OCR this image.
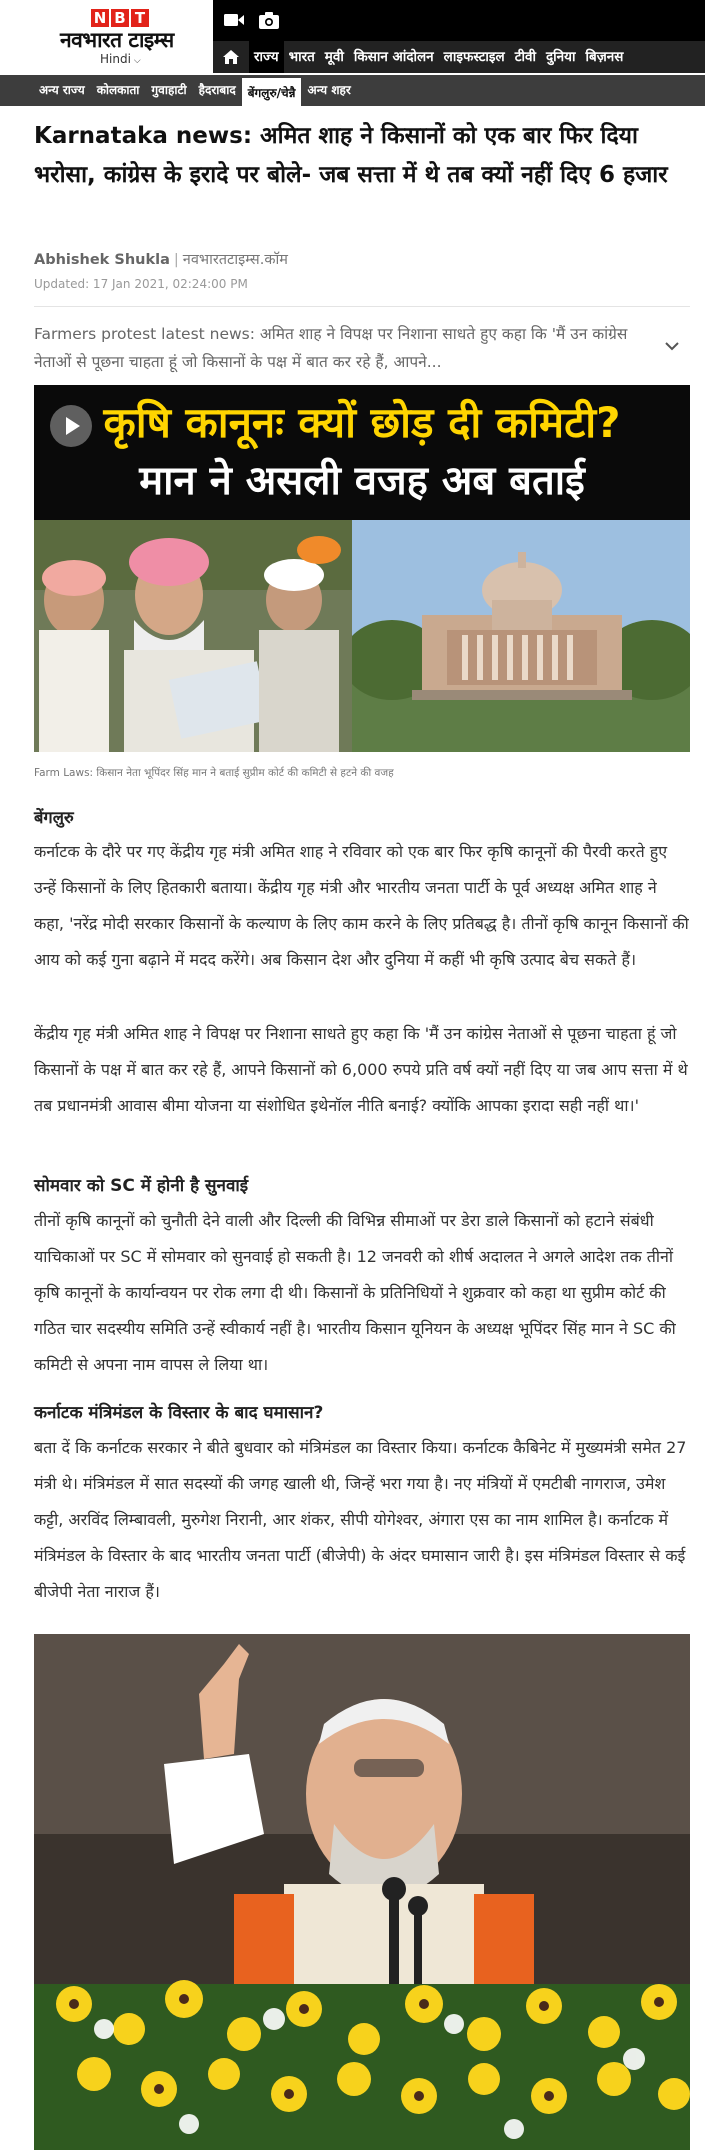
N B T
नवभारत टाइम्स
Hindi ⌵	राज्य भारत मूवी किसान आंदोलन लाइफस्टाइल टीवी दुनिया बिज़नस
अन्य राज्य	कोलकाता	गुवाहाटी	हैदराबाद	बेंगलुरु/चेन्नै	अन्य शहर
Karnataka news: अमित शाह ने किसानों को एक बार फिर दिया भरोसा, कांग्रेस के इरादे पर बोले- जब सत्ता में थे तब क्यों नहीं दिए 6 हजार
Abhishek Shukla | नवभारतटाइम्स.कॉम
Updated: 17 Jan 2021, 02:24:00 PM
Farmers protest latest news: अमित शाह ने विपक्ष पर निशाना साधते हुए कहा कि 'मैं उन कांग्रेस नेताओं से पूछना चाहता हूं जो किसानों के पक्ष में बात कर रहे हैं, आपने...
कृषि कानूनः क्यों छोड़ दी कमिटी?
मान ने असली वजह अब बताई
Farm Laws: किसान नेता भूपिंदर सिंह मान ने बताई सुप्रीम कोर्ट की कमिटी से हटने की वजह
बेंगलुरु

कर्नाटक के दौरे पर गए केंद्रीय गृह मंत्री अमित शाह ने रविवार को एक बार फिर कृषि कानूनों की पैरवी करते हुए उन्हें किसानों के लिए हितकारी बताया। केंद्रीय गृह मंत्री और भारतीय जनता पार्टी के पूर्व अध्यक्ष अमित शाह ने कहा, 'नरेंद्र मोदी सरकार किसानों के कल्याण के लिए काम करने के लिए प्रतिबद्ध है। तीनों कृषि कानून किसानों की आय को कई गुना बढ़ाने में मदद करेंगे। अब किसान देश और दुनिया में कहीं भी कृषि उत्पाद बेच सकते हैं।

केंद्रीय गृह मंत्री अमित शाह ने विपक्ष पर निशाना साधते हुए कहा कि 'मैं उन कांग्रेस नेताओं से पूछना चाहता हूं जो किसानों के पक्ष में बात कर रहे हैं, आपने किसानों को 6,000 रुपये प्रति वर्ष क्यों नहीं दिए या जब आप सत्ता में थे तब प्रधानमंत्री आवास बीमा योजना या संशोधित इथेनॉल नीति बनाई? क्योंकि आपका इरादा सही नहीं था।'

सोमवार को SC में होनी है सुनवाई

तीनों कृषि कानूनों को चुनौती देने वाली और दिल्ली की विभिन्न सीमाओं पर डेरा डाले किसानों को हटाने संबंधी याचिकाओं पर SC में सोमवार को सुनवाई हो सकती है। 12 जनवरी को शीर्ष अदालत ने अगले आदेश तक तीनों कृषि कानूनों के कार्यान्वयन पर रोक लगा दी थी। किसानों के प्रतिनिधियों ने शुक्रवार को कहा था सुप्रीम कोर्ट की गठित चार सदस्यीय समिति उन्हें स्वीकार्य नहीं है। भारतीय किसान यूनियन के अध्यक्ष भूपिंदर सिंह मान ने SC की कमिटी से अपना नाम वापस ले लिया था।

कर्नाटक मंत्रिमंडल के विस्तार के बाद घमासान?

बता दें कि कर्नाटक सरकार ने बीते बुधवार को मंत्रिमंडल का विस्तार किया। कर्नाटक कैबिनेट में मुख्यमंत्री समेत 27 मंत्री थे। मंत्रिमंडल में सात सदस्यों की जगह खाली थी, जिन्हें भरा गया है। नए मंत्रियों में एमटीबी नागराज, उमेश कट्टी, अरविंद लिम्बावली, मुरुगेश निरानी, आर शंकर, सीपी योगेश्वर, अंगारा एस का नाम शामिल है। कर्नाटक में मंत्रिमंडल के विस्तार के बाद भारतीय जनता पार्टी (बीजेपी) के अंदर घमासान जारी है। इस मंत्रिमंडल विस्तार से कई बीजेपी नेता नाराज हैं।
